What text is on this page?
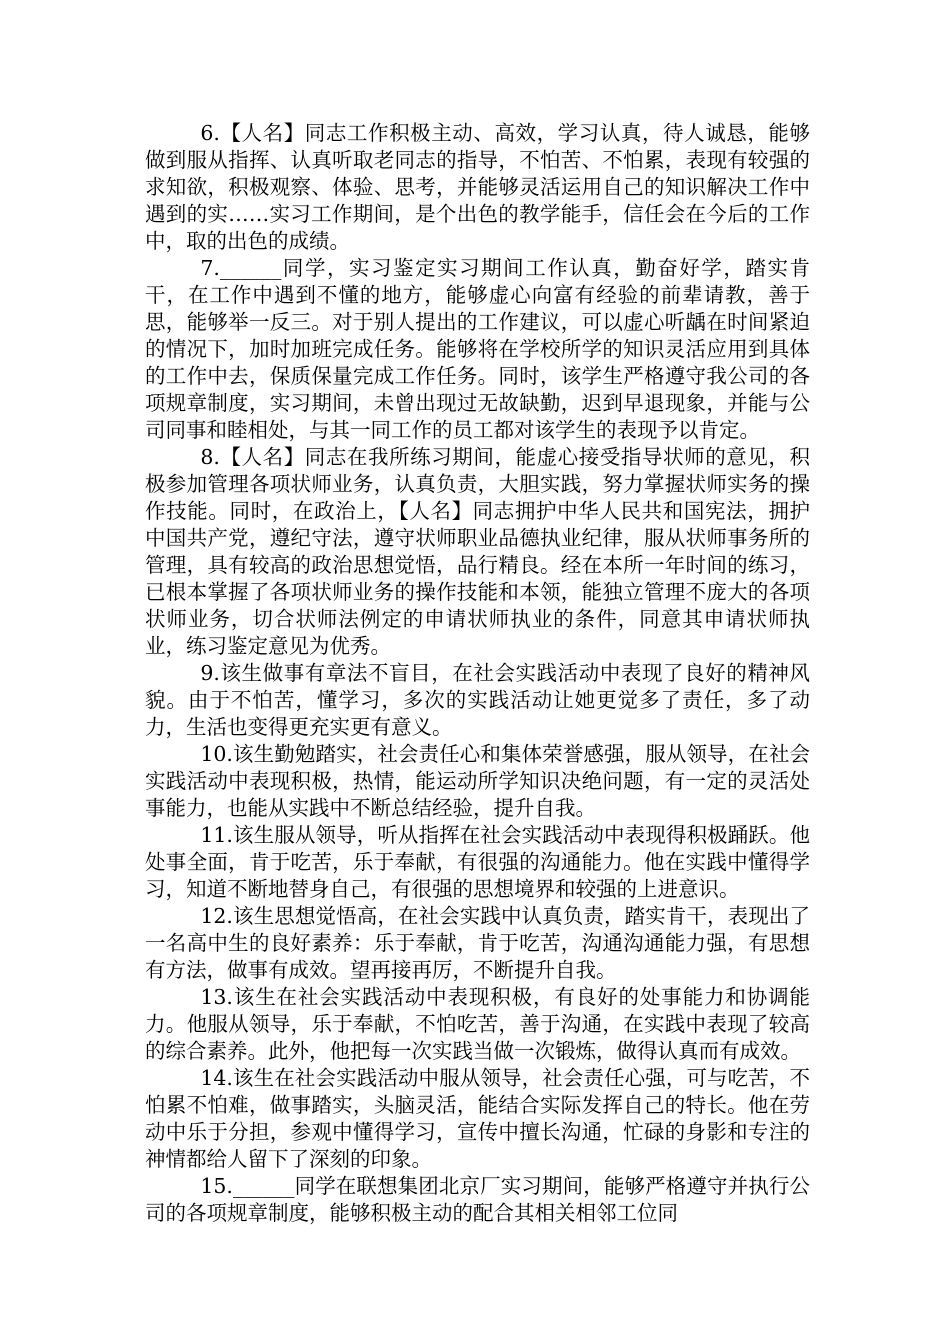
6.【人名】同志工作积极主动、高效，学习认真，待人诚恳，能够做到服从指挥、认真听取老同志的指导，不怕苦、不怕累，表现有较强的求知欲，积极观察、体验、思考，并能够灵活运用自己的知识解决工作中遇到的实……实习工作期间，是个出色的教学能手，信任会在今后的工作中，取的出色的成绩。

7.______同学，实习鉴定实习期间工作认真，勤奋好学，踏实肯干，在工作中遇到不懂的地方，能够虚心向富有经验的前辈请教，善于思，能够举一反三。对于别人提出的工作建议，可以虚心听龋在时间紧迫的情况下，加时加班完成任务。能够将在学校所学的知识灵活应用到具体的工作中去，保质保量完成工作任务。同时，该学生严格遵守我公司的各项规章制度，实习期间，未曾出现过无故缺勤，迟到早退现象，并能与公司同事和睦相处，与其一同工作的员工都对该学生的表现予以肯定。

8.【人名】同志在我所练习期间，能虚心接受指导状师的意见，积极参加管理各项状师业务，认真负责，大胆实践，努力掌握状师实务的操作技能。同时，在政治上，【人名】同志拥护中华人民共和国宪法，拥护中国共产党，遵纪守法，遵守状师职业品德执业纪律，服从状师事务所的管理，具有较高的政治思想觉悟，品行精良。经在本所一年时间的练习，已根本掌握了各项状师业务的操作技能和本领，能独立管理不庞大的各项状师业务，切合状师法例定的申请状师执业的条件，同意其申请状师执业，练习鉴定意见为优秀。

9.该生做事有章法不盲目，在社会实践活动中表现了良好的精神风貌。由于不怕苦，懂学习，多次的实践活动让她更觉多了责任，多了动力，生活也变得更充实更有意义。

10.该生勤勉踏实，社会责任心和集体荣誉感强，服从领导，在社会实践活动中表现积极，热情，能运动所学知识决绝问题，有一定的灵活处事能力，也能从实践中不断总结经验，提升自我。

11.该生服从领导，听从指挥在社会实践活动中表现得积极踊跃。他处事全面，肯于吃苦，乐于奉献，有很强的沟通能力。他在实践中懂得学习，知道不断地替身自己，有很强的思想境界和较强的上进意识。

12.该生思想觉悟高，在社会实践中认真负责，踏实肯干，表现出了一名高中生的良好素养：乐于奉献，肯于吃苦，沟通沟通能力强，有思想有方法，做事有成效。望再接再厉，不断提升自我。

13.该生在社会实践活动中表现积极，有良好的处事能力和协调能力。他服从领导，乐于奉献，不怕吃苦，善于沟通，在实践中表现了较高的综合素养。此外，他把每一次实践当做一次锻炼，做得认真而有成效。

14.该生在社会实践活动中服从领导，社会责任心强，可与吃苦，不怕累不怕难，做事踏实，头脑灵活，能结合实际发挥自己的特长。他在劳动中乐于分担，参观中懂得学习，宣传中擅长沟通，忙碌的身影和专注的神情都给人留下了深刻的印象。

15.______同学在联想集团北京厂实习期间，能够严格遵守并执行公司的各项规章制度，能够积极主动的配合其相关相邻工位同
